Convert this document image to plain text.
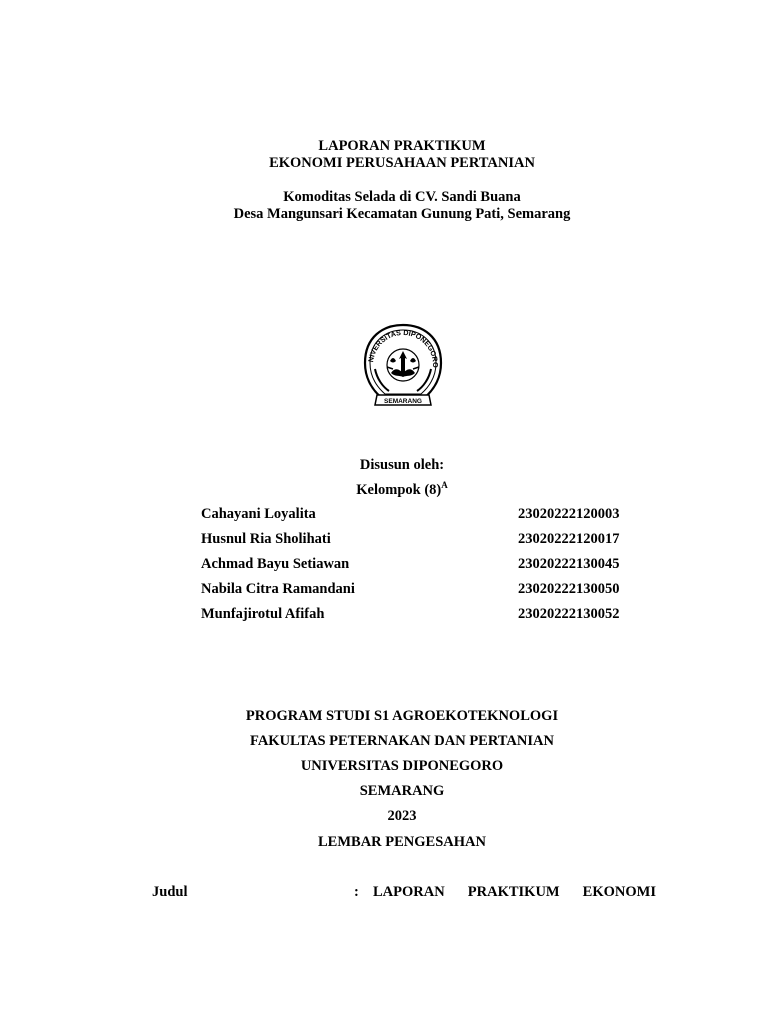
LAPORAN PRAKTIKUM
EKONOMI PERUSAHAAN PERTANIAN
Komoditas Selada di CV. Sandi Buana
Desa Mangunsari Kecamatan Gunung Pati, Semarang
NIVERSITAS DIPONEGORO
SEMARANG
Disusun oleh:
Kelompok $(8)^A$
Cahayani Loyalita	23020222120003
Husnul Ria Sholihati	23020222120017
Achmad Bayu Setiawan	23020222130045
Nabila Citra Ramandani	23020222130050
Munfajirotul Afifah	23020222130052
PROGRAM STUDI S1 AGROEKOTEKNOLOGI
FAKULTAS PETERNAKAN DAN PERTANIAN
UNIVERSITAS DIPONEGORO
SEMARANG
2023
LEMBAR PENGESAHAN
Judul	: LAPORAN PRAKTIKUM EKONOMI
